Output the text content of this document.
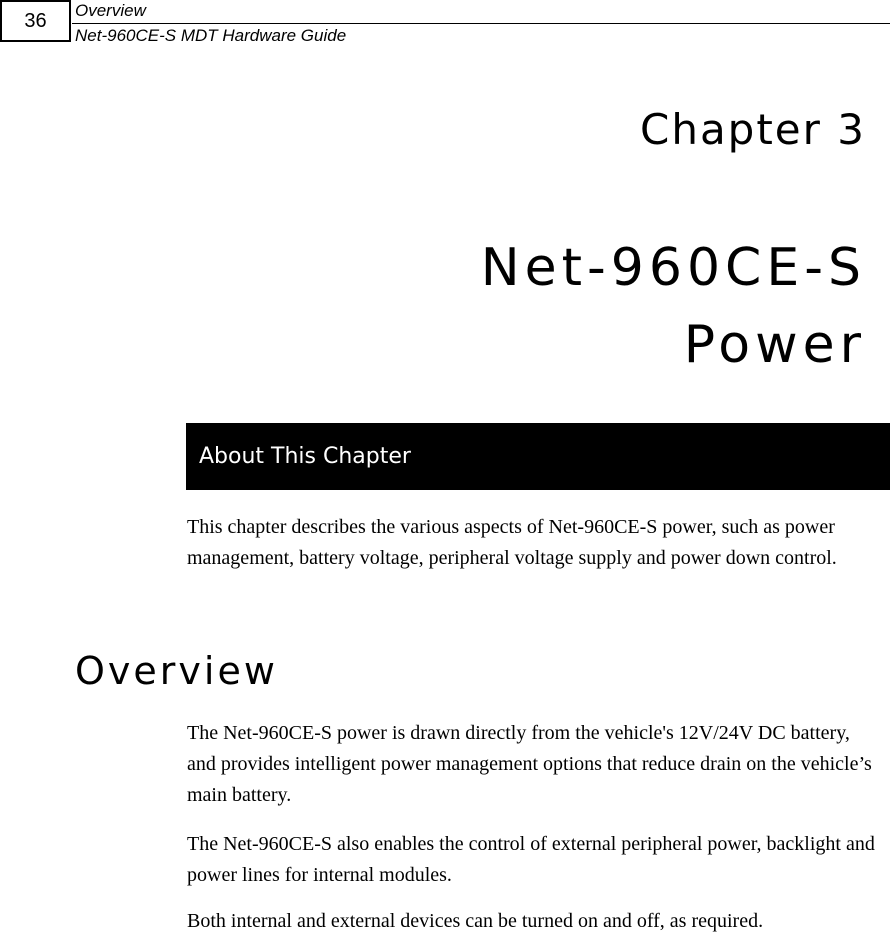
36	Overview
Net-960CE-S MDT Hardware Guide
Chapter 3
Net-960CE-S
Power
About This Chapter

This chapter describes the various aspects of Net-960CE-S power, such as power management, battery voltage, peripheral voltage supply and power down control.

Overview

The Net-960CE-S power is drawn directly from the vehicle's 12V/24V DC battery, and provides intelligent power management options that reduce drain on the vehicle’s main battery.

The Net-960CE-S also enables the control of external peripheral power, backlight and power lines for internal modules.

Both internal and external devices can be turned on and off, as required.
